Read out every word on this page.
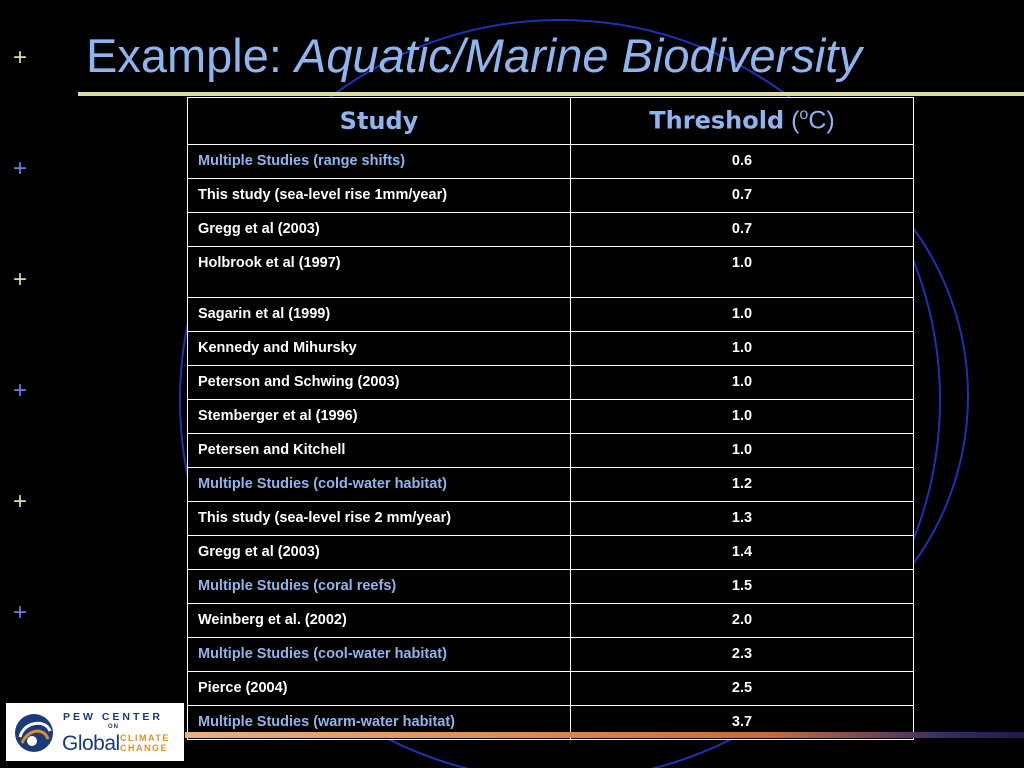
Example: Aquatic/Marine Biodiversity
+
+
+
+
+
+
Study	Threshold ($^o$C)
Multiple Studies (range shifts)	0.6
This study (sea-level rise 1mm/year)	0.7
Gregg et al (2003)	0.7
Holbrook et al (1997)	1.0
Sagarin et al (1999)	1.0
Kennedy and Mihursky	1.0
Peterson and Schwing (2003)	1.0
Stemberger et al (1996)	1.0
Petersen and Kitchell	1.0
Multiple Studies (cold-water habitat)	1.2
This study (sea-level rise 2 mm/year)	1.3
Gregg et al (2003)	1.4
Multiple Studies (coral reefs)	1.5
Weinberg et al. (2002)	2.0
Multiple Studies (cool-water habitat)	2.3
Pierce (2004)	2.5
Multiple Studies (warm-water habitat)	3.7
PEW CENTER
ON
Global CLIMATE
CHANGE
